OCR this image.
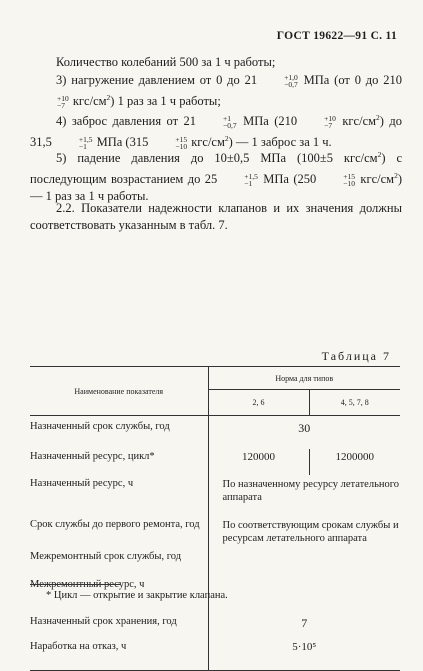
ГОСТ 19622—91 С. 11
Количество колебаний 500 за 1 ч работы;
3) нагружение давлением от 0 до 21	+1,0
−0,7 МПа (от 0 до 210
+10
−7 кгс/$см^2$) 1 раз за 1 ч работы;
4) заброс давления от 21	+1
−0,7 МПа (210	+10
−7 кгс/$см^2$) до 31,5	+1,5
−1 МПа (315	+15
−10 кгс/$см^2$) — 1 заброс за 1 ч.
5) падение давления до 10±0,5 МПа (100±5 кгс/$см^2$) с последующим возрастанием до 25	+1,5
−1 МПа (250	+15
−10 кгс/$см^2$) — 1 раз за 1 ч работы.
2.2. Показатели надежности клапанов и их значения должны соответствовать указанным в табл. 7.
Таблица 7
Наименование показателя	Норма для типов	
	2, 6	4, 5, 7, 8
Назначенный срок службы, год	30	
Назначенный ресурс, цикл*	120000	1200000
Назначенный ресурс, ч	По назначенному ресурсу летательного аппарата	
Срок службы до первого ремонта, год	По соответствующим срокам службы и ресурсам летательного аппарата	
Межремонтный срок службы, год		
Межремонтный ресурс, ч		
Назначенный срок хранения, год	7	
Наработка на отказ, ч	5·10⁵	
* Цикл — открытие и закрытие клапана.
